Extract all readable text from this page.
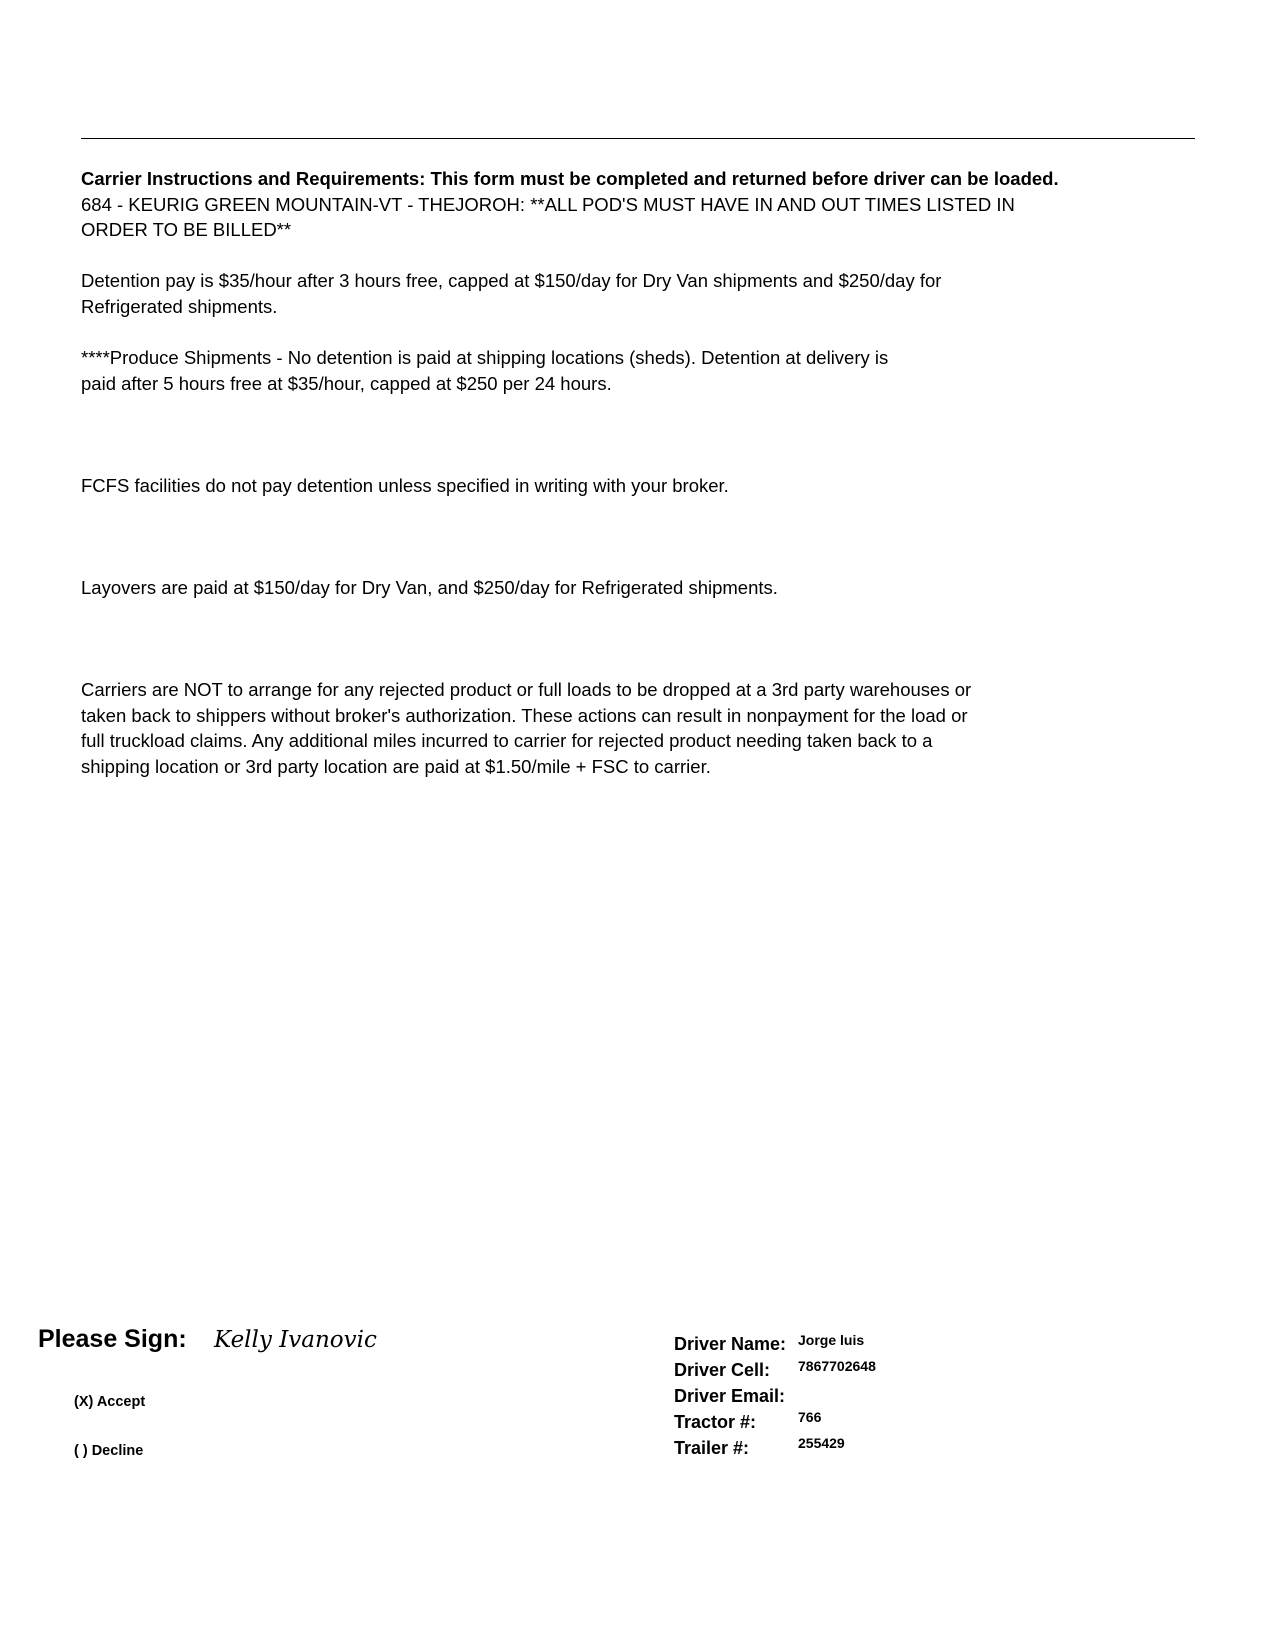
Carrier Instructions and Requirements: This form must be completed and returned before driver can be loaded.
684 - KEURIG GREEN MOUNTAIN-VT - THEJOROH: **ALL POD'S MUST HAVE IN AND OUT TIMES LISTED IN
ORDER TO BE BILLED**

Detention pay is $35/hour after 3 hours free, capped at $150/day for Dry Van shipments and $250/day for
Refrigerated shipments.
****Produce Shipments - No detention is paid at shipping locations (sheds). Detention at delivery is
paid after 5 hours free at $35/hour, capped at $250 per 24 hours.
FCFS facilities do not pay detention unless specified in writing with your broker.
Layovers are paid at $150/day for Dry Van, and $250/day for Refrigerated shipments.
Carriers are NOT to arrange for any rejected product or full loads to be dropped at a 3rd party warehouses or
taken back to shippers without broker's authorization. These actions can result in nonpayment for the load or
full truckload claims. Any additional miles incurred to carrier for rejected product needing taken back to a
shipping location or 3rd party location are paid at $1.50/mile + FSC to carrier.
Please Sign: Kelly Ivanovic
(X) Accept
( ) Decline
Driver Name: Jorge luis
Driver Cell: 7867702648
Driver Email:
Tractor #:	766
Trailer #:	255429
